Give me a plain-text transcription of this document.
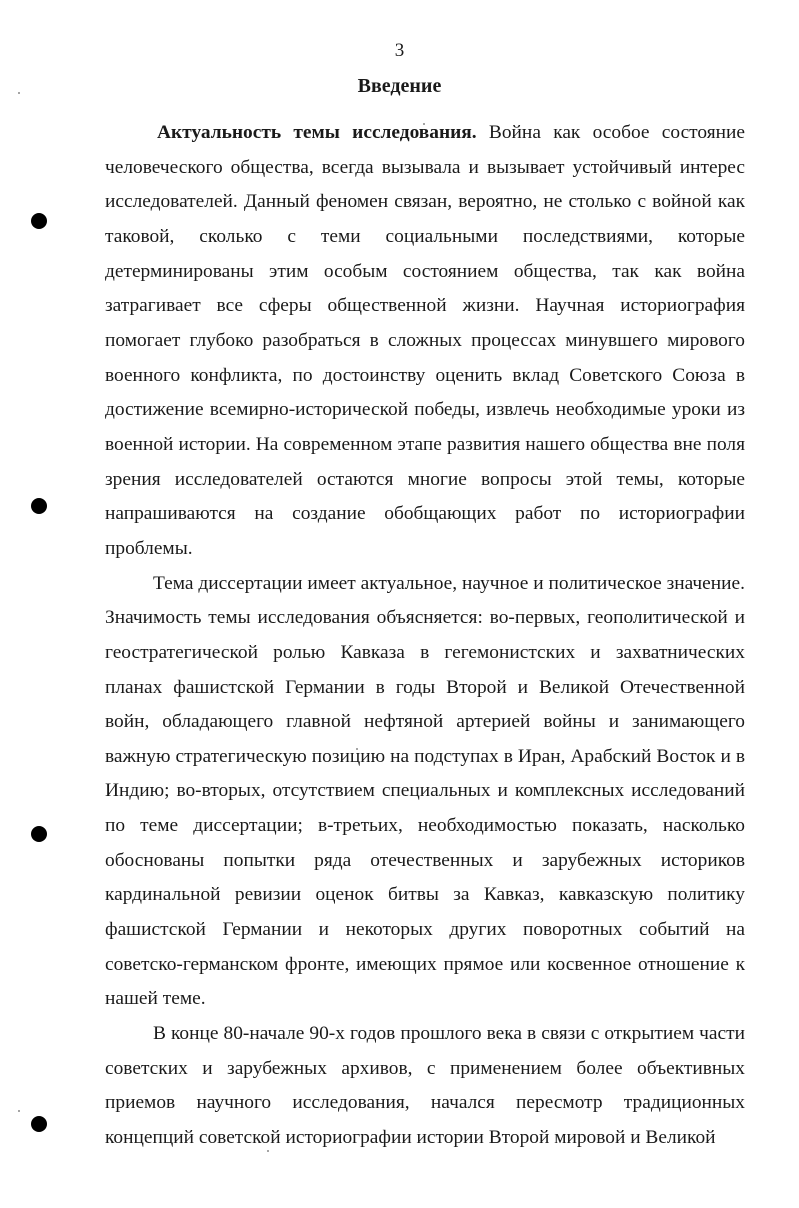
3
Введение

Актуальность темы исследования. Война как особое состояние человеческого общества, всегда вызывала и вызывает устойчивый интерес исследователей. Данный феномен связан, вероятно, не столько с войной как таковой, сколько с теми социальными последствиями, которые детерминированы этим особым состоянием общества, так как война затрагивает все сферы общественной жизни. Научная историография помогает глубоко разобраться в сложных процессах минувшего мирового военного конфликта, по достоинству оценить вклад Советского Союза в достижение всемирно-исторической победы, извлечь необходимые уроки из военной истории. На современном этапе развития нашего общества вне поля зрения исследователей остаются многие вопросы этой темы, которые напрашиваются на создание обобщающих работ по историографии проблемы.

Тема диссертации имеет актуальное, научное и политическое значение. Значимость темы исследования объясняется: во-первых, геополитической и геостратегической ролью Кавказа в гегемонистских и захватнических планах фашистской Германии в годы Второй и Великой Отечественной войн, обладающего главной нефтяной артерией войны и занимающего важную стратегическую позицию на подступах в Иран, Арабский Восток и в Индию; во-вторых, отсутствием специальных и комплексных исследований по теме диссертации; в-третьих, необходимостью показать, насколько обоснованы попытки ряда отечественных и зарубежных историков кардинальной ревизии оценок битвы за Кавказ, кавказскую политику фашистской Германии и некоторых других поворотных событий на советско-германском фронте, имеющих прямое или косвенное отношение к нашей теме.

В конце 80-начале 90-х годов прошлого века в связи с открытием части советских и зарубежных архивов, с применением более объективных приемов научного исследования, начался пересмотр традиционных концепций советской историографии истории Второй мировой и Великой
